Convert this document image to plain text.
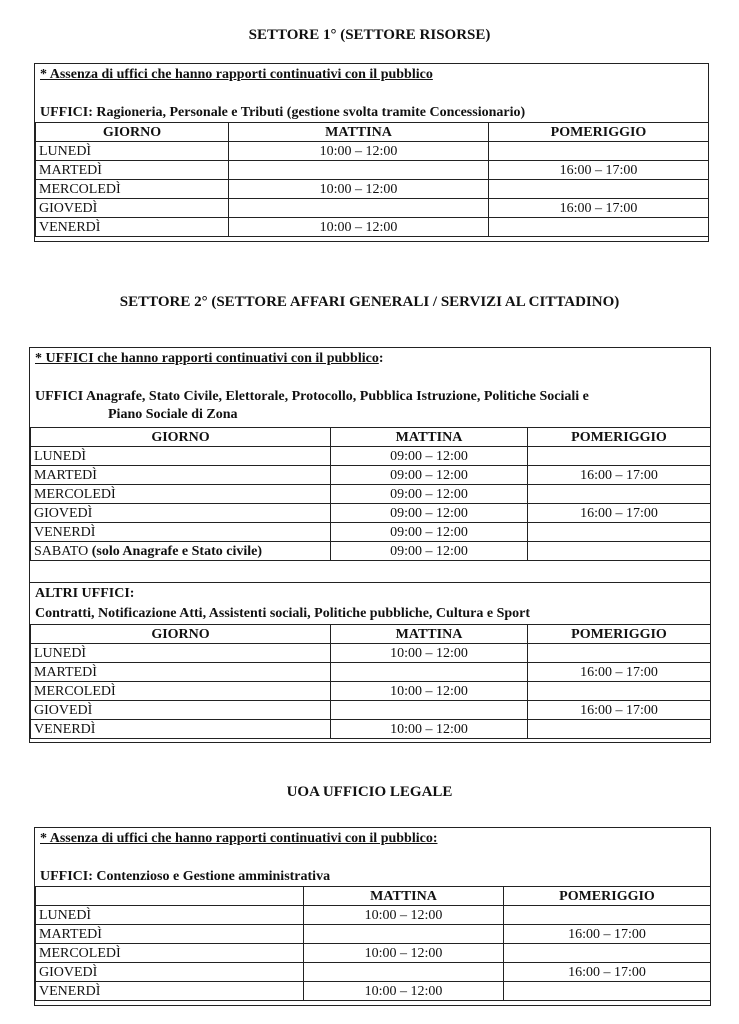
SETTORE 1° (SETTORE RISORSE)
* Assenza di uffici che hanno rapporti continuativi con il pubblico
UFFICI: Ragioneria, Personale e Tributi (gestione svolta tramite Concessionario)
GIORNO	MATTINA	POMERIGGIO
LUNEDÌ	10:00 – 12:00	
MARTEDÌ		16:00 – 17:00
MERCOLEDÌ	10:00 – 12:00	
GIOVEDÌ		16:00 – 17:00
VENERDÌ	10:00 – 12:00	
SETTORE 2° (SETTORE AFFARI GENERALI / SERVIZI AL CITTADINO)
* UFFICI che hanno rapporti continuativi con il pubblico:
UFFICI Anagrafe, Stato Civile, Elettorale, Protocollo, Pubblica Istruzione, Politiche Sociali e
Piano Sociale di Zona
GIORNO	MATTINA	POMERIGGIO
LUNEDÌ	09:00 – 12:00	
MARTEDÌ	09:00 – 12:00	16:00 – 17:00
MERCOLEDÌ	09:00 – 12:00	
GIOVEDÌ	09:00 – 12:00	16:00 – 17:00
VENERDÌ	09:00 – 12:00	
SABATO (solo Anagrafe e Stato civile)	09:00 – 12:00	
ALTRI UFFICI:
Contratti, Notificazione Atti, Assistenti sociali, Politiche pubbliche, Cultura e Sport
GIORNO	MATTINA	POMERIGGIO
LUNEDÌ	10:00 – 12:00	
MARTEDÌ		16:00 – 17:00
MERCOLEDÌ	10:00 – 12:00	
GIOVEDÌ		16:00 – 17:00
VENERDÌ	10:00 – 12:00	
UOA UFFICIO LEGALE
* Assenza di uffici che hanno rapporti continuativi con il pubblico:
UFFICI: Contenzioso e Gestione amministrativa
	MATTINA	POMERIGGIO
LUNEDÌ	10:00 – 12:00	
MARTEDÌ		16:00 – 17:00
MERCOLEDÌ	10:00 – 12:00	
GIOVEDÌ		16:00 – 17:00
VENERDÌ	10:00 – 12:00	
